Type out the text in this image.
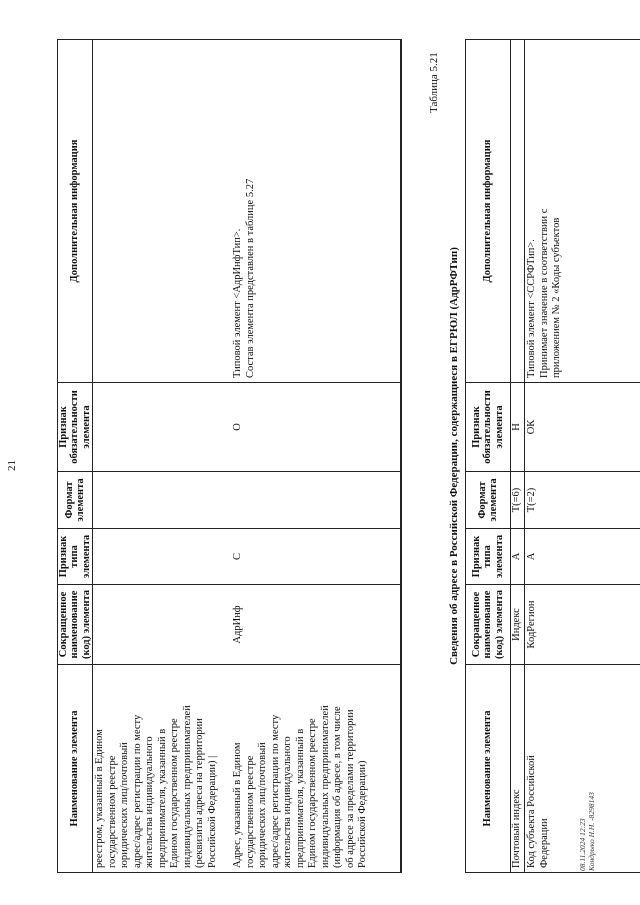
21
Наименование элемента
Сокращенное наименование (код) элемента
Признак типа элемента
Формат элемента
Признак обязательности элемента
Дополнительная информация
реестром, указанный в Едином государственном реестре юридических лиц/почтовый адрес/адрес регистрации по месту жительства индивидуального предпринимателя, указанный в Едином государственном реестре индивидуальных предпринимателей (реквизиты адреса на территории Российской Федерации) | Адрес, указанный в Едином государственном реестре юридических лиц/почтовый адрес/адрес регистрации по месту жительства индивидуального предпринимателя, указанный в Едином государственном реестре индивидуальных предпринимателей (информация об адресе, в том числе об адресе за пределами территории Российской Федерации)
АдрИнф
С
О
Типовой элемент <АдрИнфТип>. Состав элемента представлен в таблице 5.27
Таблица 5.21
Сведения об адресе в Российской Федерации, содержащиеся в ЕГРЮЛ (АдрРФТип)
Наименование элемента
Сокращенное наименование (код) элемента
Признак типа элемента
Формат элемента
Признак обязательности элемента
Дополнительная информация
Почтовый индекс
Индекс
А
T(=6)
Н
Код субъекта Российской Федерации
КодРегион
А
T(=2)
ОК
Типовой элемент <ССРФТип>. Принимает значение в соответствии с приложением № 2 «Коды субъектов
08.11.2024 12:23 Кондрыко Н.Н. -8298143
